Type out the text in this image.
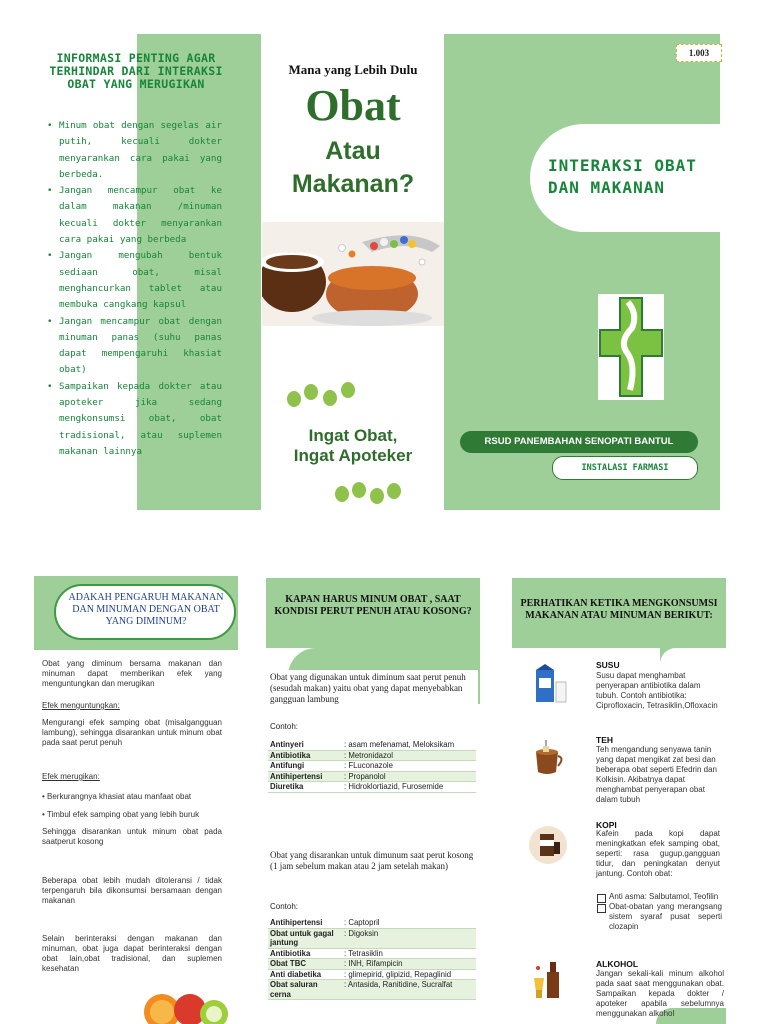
INFORMASI PENTING AGAR TERHINDAR DARI INTERAKSI OBAT YANG MERUGIKAN
• Minum obat dengan segelas air putih, kecuali dokter menyarankan cara pakai yang berbeda.
• Jangan mencampur obat ke dalam makanan /minuman kecuali dokter menyarankan cara pakai yang berbeda
• Jangan mengubah bentuk sediaan obat, misal menghancurkan tablet atau membuka cangkang kapsul
• Jangan mencampur obat dengan minuman panas (suhu panas dapat mempengaruhi khasiat obat)
• Sampaikan kepada dokter atau apoteker jika sedang mengkonsumsi obat, obat tradisional, atau suplemen makanan lainnya
Mana yang Lebih Dulu
Obat
Atau
Makanan?
Ingat Obat,
Ingat Apoteker
1.003
INTERAKSI OBAT
DAN MAKANAN
RSUD PANEMBAHAN SENOPATI BANTUL
INSTALASI FARMASI
ADAKAH PENGARUH MAKANAN DAN MINUMAN DENGAN OBAT YANG DIMINUM?
Obat yang diminum bersama makanan dan minuman dapat memberikan efek yang menguntungkan dan merugikan
Efek menguntungkan:
Mengurangi efek samping obat (misalgangguan lambung), sehingga disarankan untuk minum obat pada saat perut penuh
Efek merugikan:
• Berkurangnya khasiat atau manfaat obat
• Timbul efek samping obat yang lebih buruk
Sehingga disarankan untuk minum obat pada saatperut kosong
Beberapa obat lebih mudah ditoleransi / tidak terpengaruh bila dikonsumsi bersamaan dengan makanan
Selain berinteraksi dengan makanan dan minuman, obat juga dapat berinteraksi dengan obat lain,obat tradisional, dan suplemen kesehatan
KAPAN HARUS MINUM OBAT , SAAT KONDISI PERUT PENUH ATAU KOSONG?
Obat yang digunakan untuk diminum saat perut penuh (sesudah makan) yaitu obat yang dapat menyebabkan gangguan lambung
Contoh:
Antinyeri	: asam mefenamat, Meloksikam
Antibiotika	: Metronidazol
Antifungi	: FLuconazole
Antihipertensi	: Propanolol
Diuretika	: Hidroklortiazid, Furosemide
Obat yang disarankan untuk dimunum saat perut kosong (1 jam sebelum makan atau 2 jam setelah makan)
Contoh:
Antihipertensi	: Captopril
Obat untuk gagal jantung	: Digoksin
Antibiotika	: Tetrasiklin
Obat TBC	: INH, Rifampicin
Anti diabetika	: glimepirid, glipizid, Repaglinid
Obat saluran cerna	: Antasida, Ranitidine, Sucralfat
PERHATIKAN KETIKA MENGKONSUMSI MAKANAN ATAU MINUMAN BERIKUT:
SUSU
Susu dapat menghambat penyerapan antibiotika dalam tubuh. Contoh antibiotika: Ciprofloxacin, Tetrasiklin,Ofloxacin
TEH
Teh mengandung senyawa tanin yang dapat mengikat zat besi dan beberapa obat seperti Efedrin dan Kolkisin. Akibatnya dapat menghambat penyerapan obat dalam tubuh
KOPI
Kafein pada kopi dapat meningkatkan efek samping obat, seperti: rasa gugup,gangguan tidur, dan peningkatan denyut jantung. Contoh obat:
Anti asma: Salbutamol, Teofilin
Obat-obatan yang merangsang sistem syaraf pusat seperti clozapin
ALKOHOL
Jangan sekali-kali minum alkohol pada saat saat menggunakan obat. Sampaikan kepada dokter / apoteker apabila sebelumnya menggunakan alkohol
